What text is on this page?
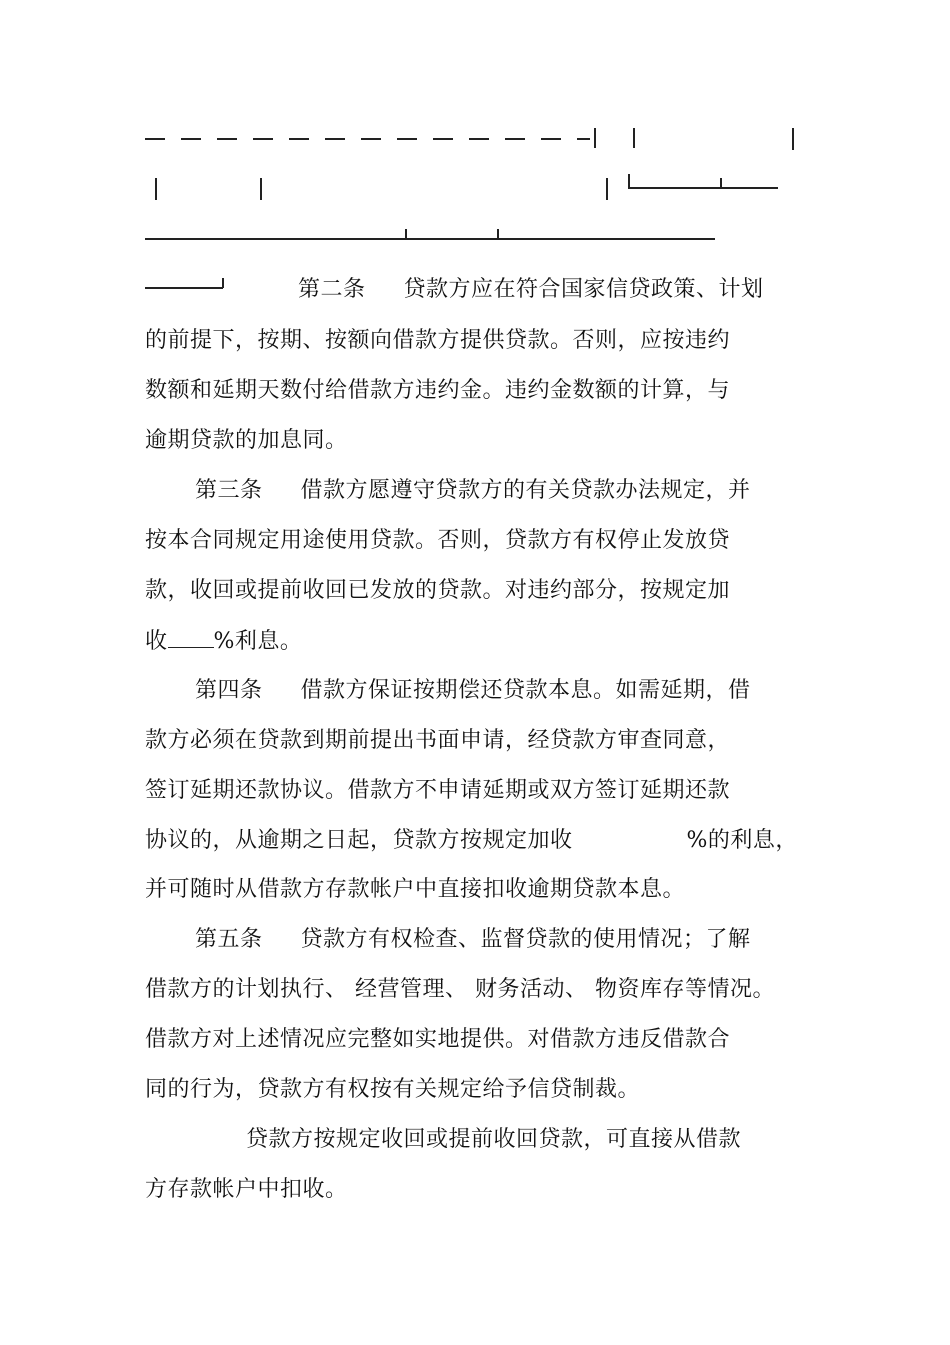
第二条 贷款方应在符合国家信贷政策、计划
的前提下，按期、按额向借款方提供贷款。否则，应按违约
数额和延期天数付给借款方违约金。违约金数额的计算，与
逾期贷款的加息同。
第三条 借款方愿遵守贷款方的有关贷款办法规定，并
按本合同规定用途使用贷款。否则，贷款方有权停止发放贷
款，收回或提前收回已发放的贷款。对违约部分，按规定加
收 %利息。
第四条 借款方保证按期偿还贷款本息。如需延期，借
款方必须在贷款到期前提出书面申请，经贷款方审查同意，
签订延期还款协议。借款方不申请延期或双方签订延期还款
协议的，从逾期之日起，贷款方按规定加收	%的利息，
并可随时从借款方存款帐户中直接扣收逾期贷款本息。
第五条 贷款方有权检查、监督贷款的使用情况；了解
借款方的计划执行、 经营管理、 财务活动、 物资库存等情况。
借款方对上述情况应完整如实地提供。对借款方违反借款合
同的行为，贷款方有权按有关规定给予信贷制裁。
贷款方按规定收回或提前收回贷款，可直接从借款
方存款帐户中扣收。
